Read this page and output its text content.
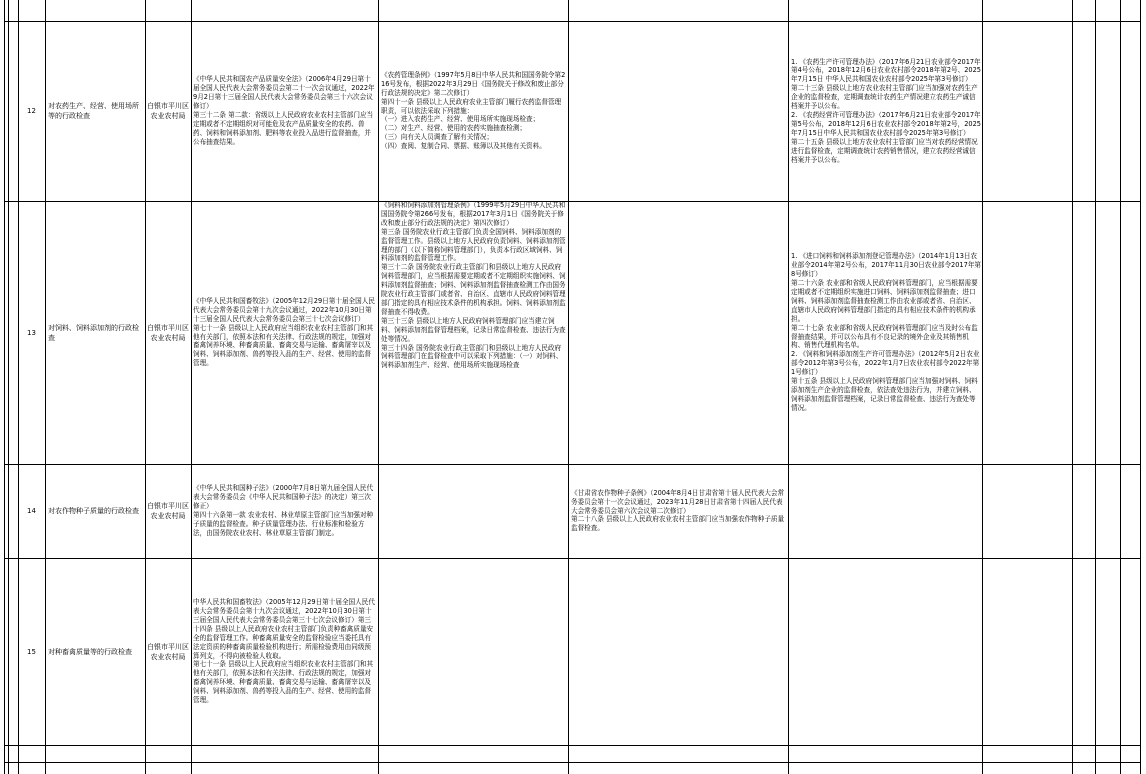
12
对农药生产、经营、使用场所等的行政检查
白银市平川区农业农村局
《中华人民共和国农产品质量安全法》（2006年4月29日第十届全国人民代表大会常务委员会第二十一次会议通过，2022年9月2日第十三届全国人民代表大会常务委员会第三十六次会议修订）
第三十二条 第二款：省级以上人民政府农业农村主管部门应当定期或者不定期组织对可能危及农产品质量安全的农药、兽药、饲料和饲料添加剂、肥料等农业投入品进行监督抽查，并公布抽查结果。
《农药管理条例》（1997年5月8日中华人民共和国国务院令第216号发布，根据2022年3月29日《国务院关于修改和废止部分行政法规的决定》第二次修订）
第四十一条 县级以上人民政府农业主管部门履行农药监督管理职责，可以依法采取下列措施：
（一）进入农药生产、经营、使用场所实施现场检查；
（二）对生产、经营、使用的农药实施抽查检测；
（三）向有关人员调查了解有关情况；
（四）查阅、复制合同、票据、账簿以及其他有关资料。
1. 《农药生产许可管理办法》（2017年6月21日农业部令2017年第4号公布，2018年12月6日农业农村部令2018年第2号、2025年7月15日 中华人民共和国农业农村部令2025年第3号修订）
第二十三条 县级以上地方农业农村主管部门应当加强对农药生产企业的监督检查，定期调查统计农药生产情况建立农药生产诚信档案并予以公布。
2. 《农药经营许可管理办法》（2017年6月21日农业部令2017年第5号公布，2018年12月6日农业农村部令2018年第2号，2025年7月15日中华人民共和国农业农村部令2025年第3号修订）
第二十五条 县级以上地方农业农村主管部门应当对农药经营情况进行监督检查，定期调查统计农药销售情况，建立农药经营诚信档案并予以公布。
13
对饲料、饲料添加剂的行政检查
白银市平川区农业农村局
《中华人民共和国畜牧法》（2005年12月29日第十届全国人民代表大会常务委员会第十九次会议通过，2022年10月30日第十三届全国人民代表大会常务委员会第三十七次会议修订）
第七十一条 县级以上人民政府应当组织农业农村主管部门和其他有关部门，依照本法和有关法律、行政法规的规定，加强对畜禽饲养环境、种畜禽质量、畜禽交易与运输、畜禽屠宰以及饲料、饲料添加剂、兽药等投入品的生产、经营、使用的监督管理。
《饲料和饲料添加剂管理条例》（1999年5月29日中华人民共和国国务院令第266号发布，根据2017年3月1日《国务院关于修改和废止部分行政法规的决定》第四次修订）
第三条 国务院农业行政主管部门负责全国饲料、饲料添加剂的监督管理工作。县级以上地方人民政府负责饲料、饲料添加剂管理的部门（以下简称饲料管理部门），负责本行政区域饲料、饲料添加剂的监督管理工作。
第三十二条 国务院农业行政主管部门和县级以上地方人民政府饲料管理部门，应当根据需要定期或者不定期组织实施饲料、饲料添加剂监督抽查；饲料、饲料添加剂监督抽查检测工作由国务院农业行政主管部门或者省、自治区、直辖市人民政府饲料管理部门指定的具有相应技术条件的机构承担。饲料、饲料添加剂监督抽查不得收费。
第三十三条 县级以上地方人民政府饲料管理部门应当建立饲料、饲料添加剂监督管理档案，记录日常监督检查、违法行为查处等情况。
第三十四条 国务院农业行政主管部门和县级以上地方人民政府饲料管理部门在监督检查中可以采取下列措施：（一）对饲料、饲料添加剂生产、经营、使用场所实施现场检查
1. 《进口饲料和饲料添加剂登记管理办法》（2014年1月13日农业部令2014年第2号公布，2017年11月30日农业部令2017年第8号修订）
第二十六条 农业部和省级人民政府饲料管理部门，应当根据需要定期或者不定期组织实施进口饲料、饲料添加剂监督抽查；进口饲料、饲料添加剂监督抽查检测工作由农业部或者省、自治区、直辖市人民政府饲料管理部门指定的具有相应技术条件的机构承担。
第二十七条 农业部和省级人民政府饲料管理部门应当及时公布监督抽查结果，并可以公布具有不良记录的境外企业及其销售机构、销售代理机构名单。
2. 《饲料和饲料添加剂生产许可管理办法》（2012年5月2日农业部令2012年第3号公布，2022年1月7日农业农村部令2022年第1号修订）
第十五条 县级以上人民政府饲料管理部门应当加强对饲料、饲料添加剂生产企业的监督检查，依法查处违法行为，并建立饲料、饲料添加剂监督管理档案，记录日常监督检查、违法行为查处等情况。
14 对农作物种子质量的行政检查
白银市平川区农业农村局
《中华人民共和国种子法》（2000年7月8日第九届全国人民代表大会常务委员会《中华人民共和国种子法》的决定）第三次修正）
第四十六条第一款 农业农村、林业草原主管部门应当加强对种子质量的监督检查。种子质量管理办法、行业标准和检验方法，由国务院农业农村、林业草原主管部门制定。
《甘肃省农作物种子条例》（2004年8月4日甘肃省第十届人民代表大会常务委员会第十一次会议通过，2023年11月28日甘肃省第十四届人民代表大会常务委员会第六次会议第二次修订）
第二十八条 县级以上人民政府农业农村主管部门应当加强农作物种子质量监督检查。
15 对种畜禽质量等的行政检查
白银市平川区农业农村局
中华人民共和国畜牧法》（2005年12月29日第十届全国人民代表大会常务委员会第十九次会议通过，2022年10月30日第十三届全国人民代表大会常务委员会第三十七次会议修订）第三十四条 县级以上人民政府农业农村主管部门负责种畜禽质量安全的监督管理工作。种畜禽质量安全的监督检验应当委托具有法定资质的种畜禽质量检验机构进行；所需检验费用由同级预算列支，不得向被检验人收取。
第七十一条 县级以上人民政府应当组织农业农村主管部门和其他有关部门，依照本法和有关法律、行政法规的规定，加强对畜禽饲养环境、种畜禽质量、畜禽交易与运输、畜禽屠宰以及饲料、饲料添加剂、兽药等投入品的生产、经营、使用的监督管理。
